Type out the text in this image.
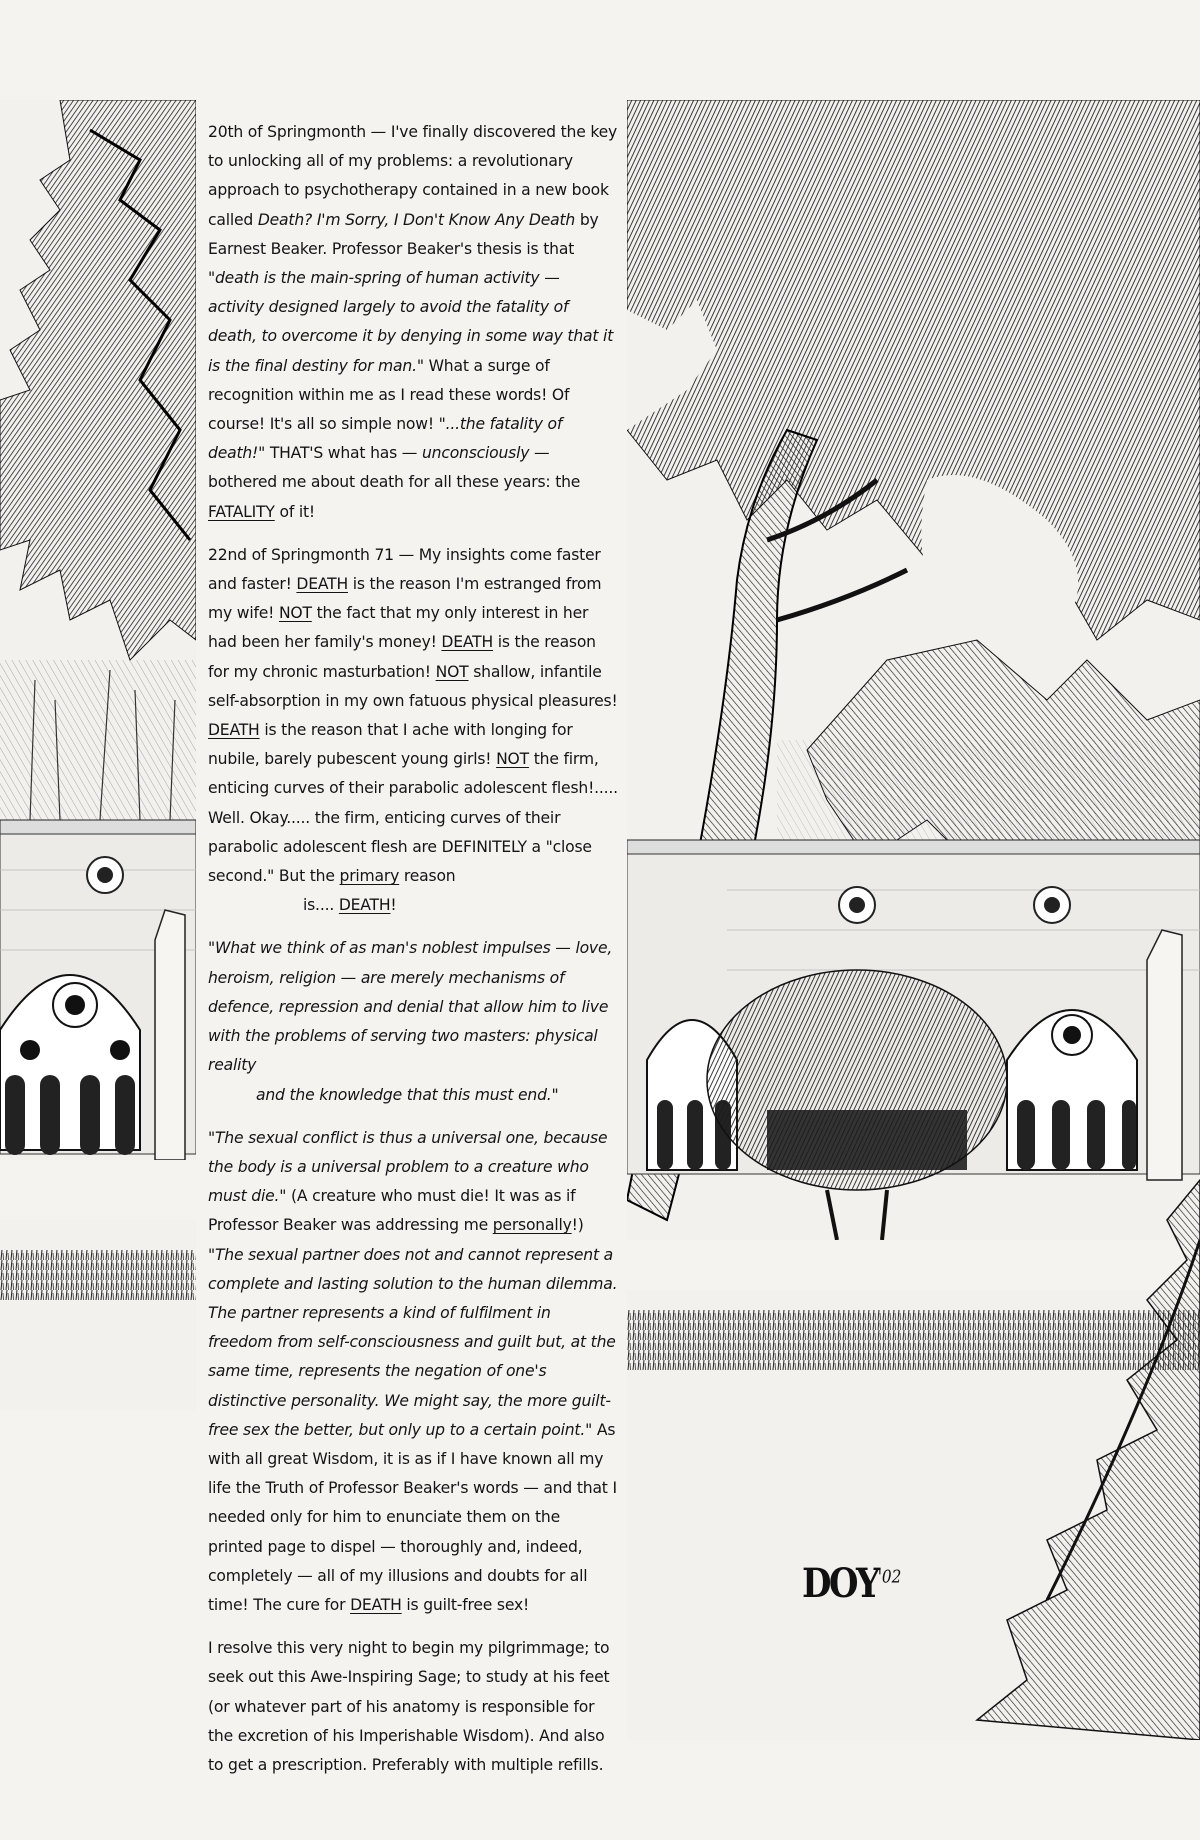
20th of Springmonth — I've finally discovered the key to unlocking all of my problems: a revolutionary approach to psychotherapy contained in a new book called Death? I'm Sorry, I Don't Know Any Death by Earnest Beaker. Professor Beaker's thesis is that "death is the main-spring of human activity — activity designed largely to avoid the fatality of death, to overcome it by denying in some way that it is the final destiny for man." What a surge of recognition within me as I read these words! Of course! It's all so simple now! "...the fatality of death!" THAT'S what has — unconsciously — bothered me about death for all these years: the FATALITY of it!

22nd of Springmonth 71 — My insights come faster and faster! DEATH is the reason I'm estranged from my wife! NOT the fact that my only interest in her had been her family's money! DEATH is the reason for my chronic masturbation! NOT shallow, infantile self-absorption in my own fatuous physical pleasures! DEATH is the reason that I ache with longing for nubile, barely pubescent young girls! NOT the firm, enticing curves of their parabolic adolescent flesh!..... Well. Okay..... the firm, enticing curves of their parabolic adolescent flesh are DEFINITELY a "close second." But the primary reason

is.... DEATH!

"What we think of as man's noblest impulses — love, heroism, religion — are merely mechanisms of defence, repression and denial that allow him to live with the problems of serving two masters: physical reality

and the knowledge that this must end."

"The sexual conflict is thus a universal one, because the body is a universal problem to a creature who must die." (A creature who must die! It was as if Professor Beaker was addressing me personally!) "The sexual partner does not and cannot represent a complete and lasting solution to the human dilemma. The partner represents a kind of fulfilment in freedom from self-consciousness and guilt but, at the same time, represents the negation of one's distinctive personality. We might say, the more guilt-free sex the better, but only up to a certain point." As with all great Wisdom, it is as if I have known all my life the Truth of Professor Beaker's words — and that I needed only for him to enunciate them on the printed page to dispel — thoroughly and, indeed, completely — all of my illusions and doubts for all time! The cure for DEATH is guilt-free sex!

I resolve this very night to begin my pilgrimmage; to seek out this Awe-Inspiring Sage; to study at his feet (or whatever part of his anatomy is responsible for the excretion of his Imperishable Wisdom). And also to get a prescription. Preferably with multiple refills.

$DOY^{'02}$
